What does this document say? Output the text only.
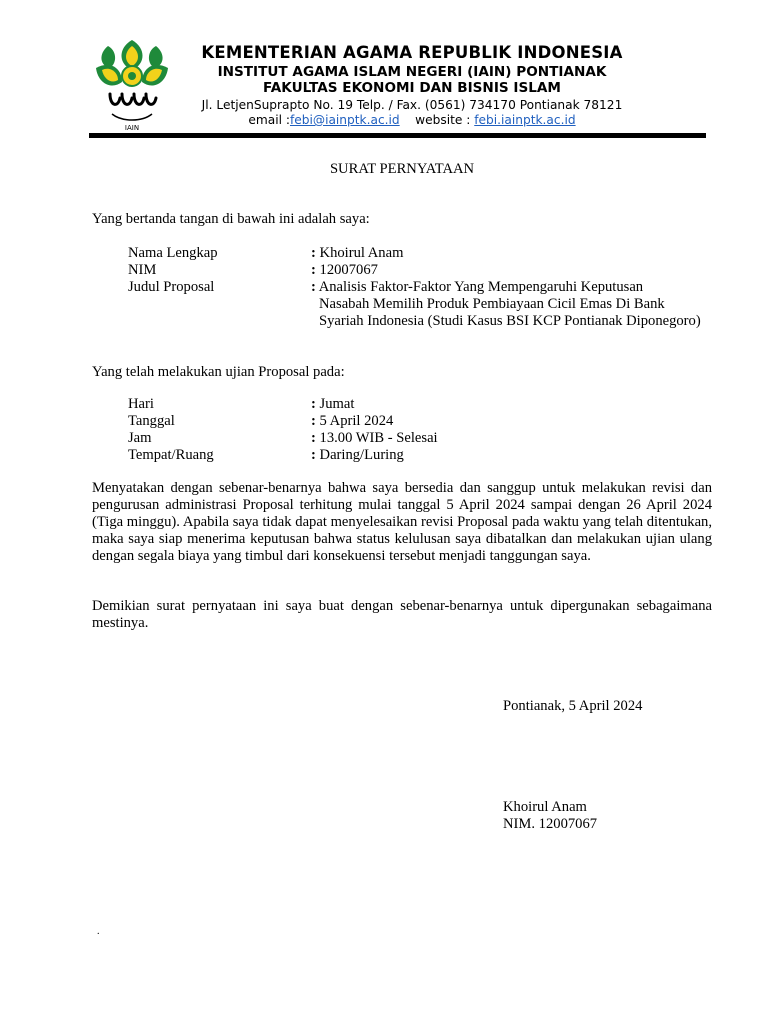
IAIN
KEMENTERIAN AGAMA REPUBLIK INDONESIA
INSTITUT AGAMA ISLAM NEGERI (IAIN) PONTIANAK
FAKULTAS EKONOMI DAN BISNIS ISLAM
Jl. LetjenSuprapto No. 19 Telp. / Fax. (0561) 734170 Pontianak 78121
email :febi@iainptk.ac.id website : febi.iainptk.ac.id
SURAT PERNYATAAN
Yang bertanda tangan di bawah ini adalah saya:
Nama Lengkap	: Khoirul Anam
NIM	: 12007067
Judul Proposal	: Analisis Faktor-Faktor Yang Mempengaruhi Keputusan
Nasabah Memilih Produk Pembiayaan Cicil Emas Di Bank Syariah Indonesia (Studi Kasus BSI KCP Pontianak Diponegoro)
Yang telah melakukan ujian Proposal pada:
Hari	: Jumat
Tanggal	: 5 April 2024
Jam	: 13.00 WIB - Selesai
Tempat/Ruang	: Daring/Luring
Menyatakan dengan sebenar-benarnya bahwa saya bersedia dan sanggup untuk melakukan revisi dan pengurusan administrasi Proposal terhitung mulai tanggal 5 April 2024 sampai dengan 26 April 2024 (Tiga minggu). Apabila saya tidak dapat menyelesaikan revisi Proposal pada waktu yang telah ditentukan, maka saya siap menerima keputusan bahwa status kelulusan saya dibatalkan dan melakukan ujian ulang dengan segala biaya yang timbul dari konsekuensi tersebut menjadi tanggungan saya.
Demikian surat pernyataan ini saya buat dengan sebenar-benarnya untuk dipergunakan sebagaimana mestinya.
Pontianak, 5 April 2024
Khoirul Anam
NIM. 12007067
.
